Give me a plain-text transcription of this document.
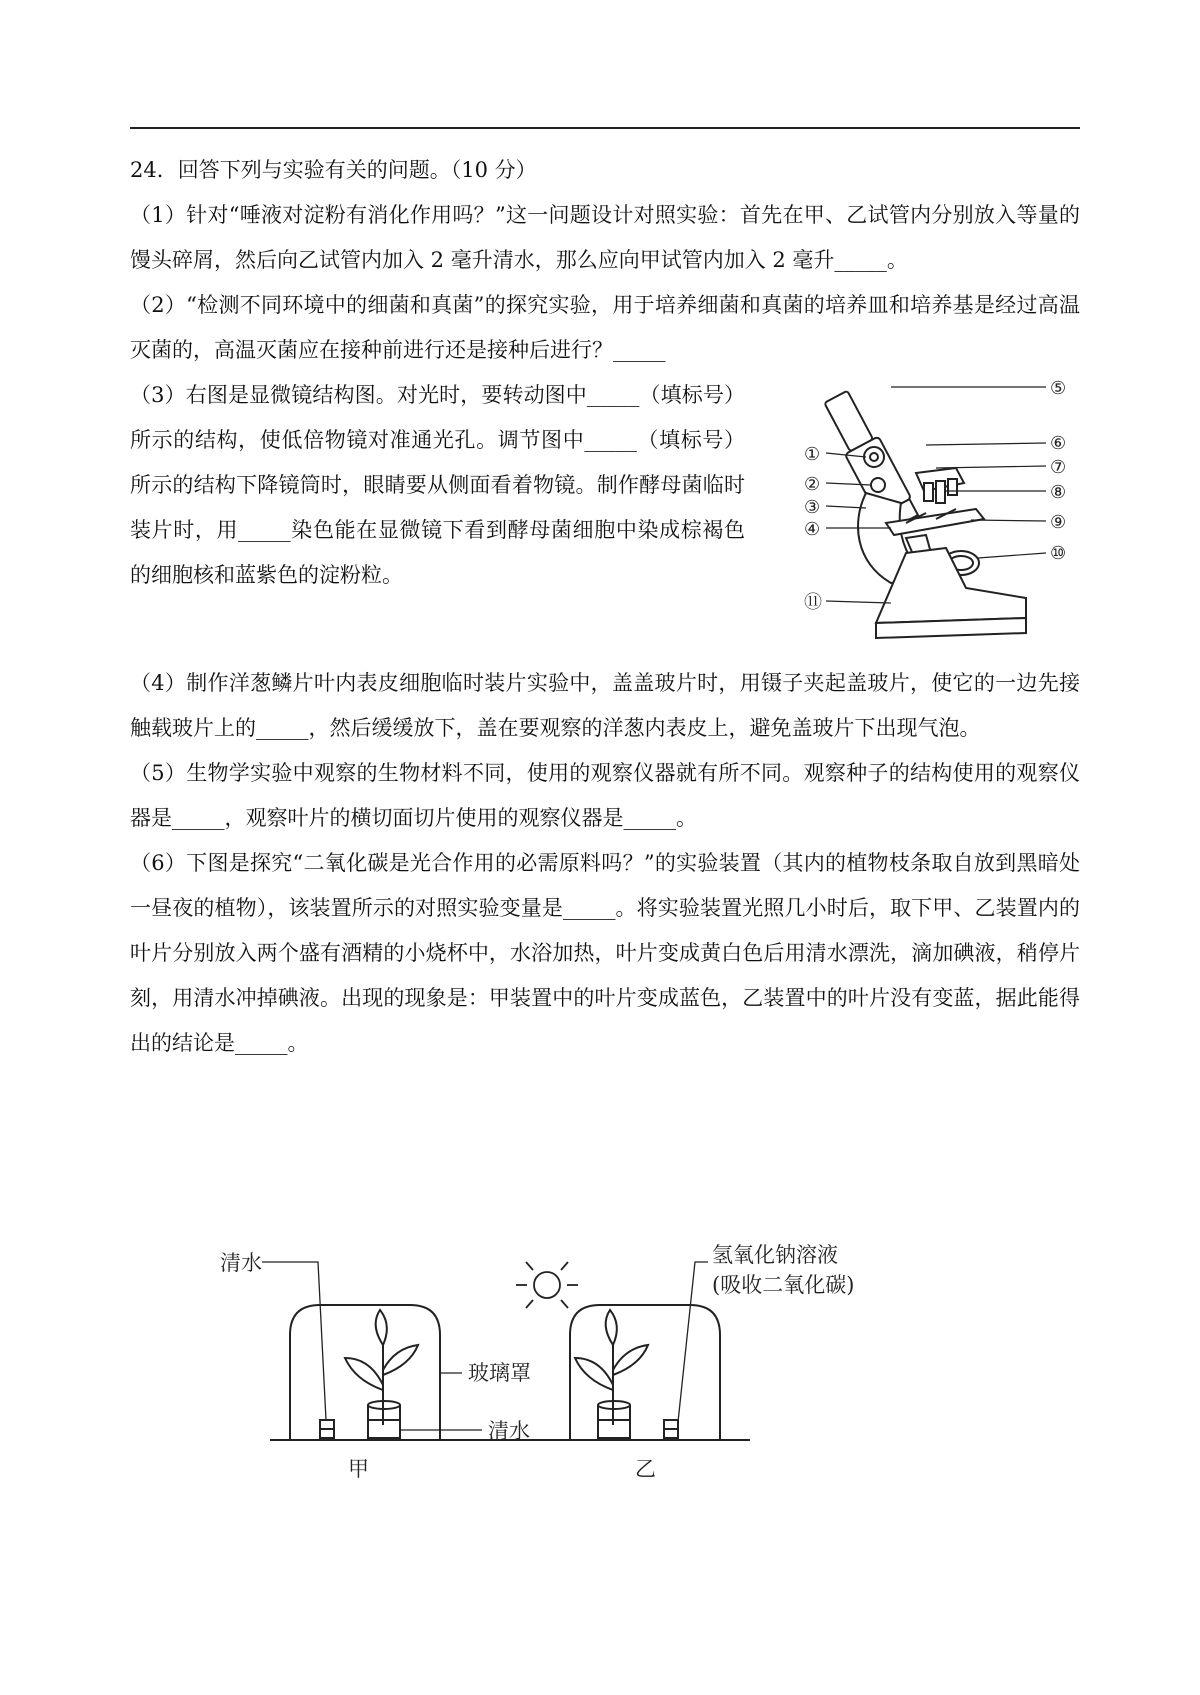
24．回答下列与实验有关的问题。（10 分）

（1）针对“唾液对淀粉有消化作用吗？”这一问题设计对照实验：首先在甲、乙试管内分别放入等量的馒头碎屑，然后向乙试管内加入 2 毫升清水，那么应向甲试管内加入 2 毫升_____。

（2）“检测不同环境中的细菌和真菌”的探究实验，用于培养细菌和真菌的培养皿和培养基是经过高温灭菌的，高温灭菌应在接种前进行还是接种后进行？_____

（3）右图是显微镜结构图。对光时，要转动图中_____（填标号）所示的结构，使低倍物镜对准通光孔。调节图中_____（填标号）所示的结构下降镜筒时，眼睛要从侧面看着物镜。制作酵母菌临时装片时，用_____染色能在显微镜下看到酵母菌细胞中染成棕褐色的细胞核和蓝紫色的淀粉粒。

⑤
⑥
⑦
⑧
⑨
⑩
①
②
③
④
⑪

（4）制作洋葱鳞片叶内表皮细胞临时装片实验中，盖盖玻片时，用镊子夹起盖玻片，使它的一边先接触载玻片上的_____，然后缓缓放下，盖在要观察的洋葱内表皮上，避免盖玻片下出现气泡。

（5）生物学实验中观察的生物材料不同，使用的观察仪器就有所不同。观察种子的结构使用的观察仪器是_____，观察叶片的横切面切片使用的观察仪器是_____。

（6）下图是探究“二氧化碳是光合作用的必需原料吗？”的实验装置（其内的植物枝条取自放到黑暗处一昼夜的植物），该装置所示的对照实验变量是_____。将实验装置光照几小时后，取下甲、乙装置内的叶片分别放入两个盛有酒精的小烧杯中，水浴加热，叶片变成黄白色后用清水漂洗，滴加碘液，稍停片刻，用清水冲掉碘液。出现的现象是：甲装置中的叶片变成蓝色，乙装置中的叶片没有变蓝，据此能得出的结论是_____。

清水
玻璃罩
清水
氢氧化钠溶液
(吸收二氧化碳)
甲	乙
